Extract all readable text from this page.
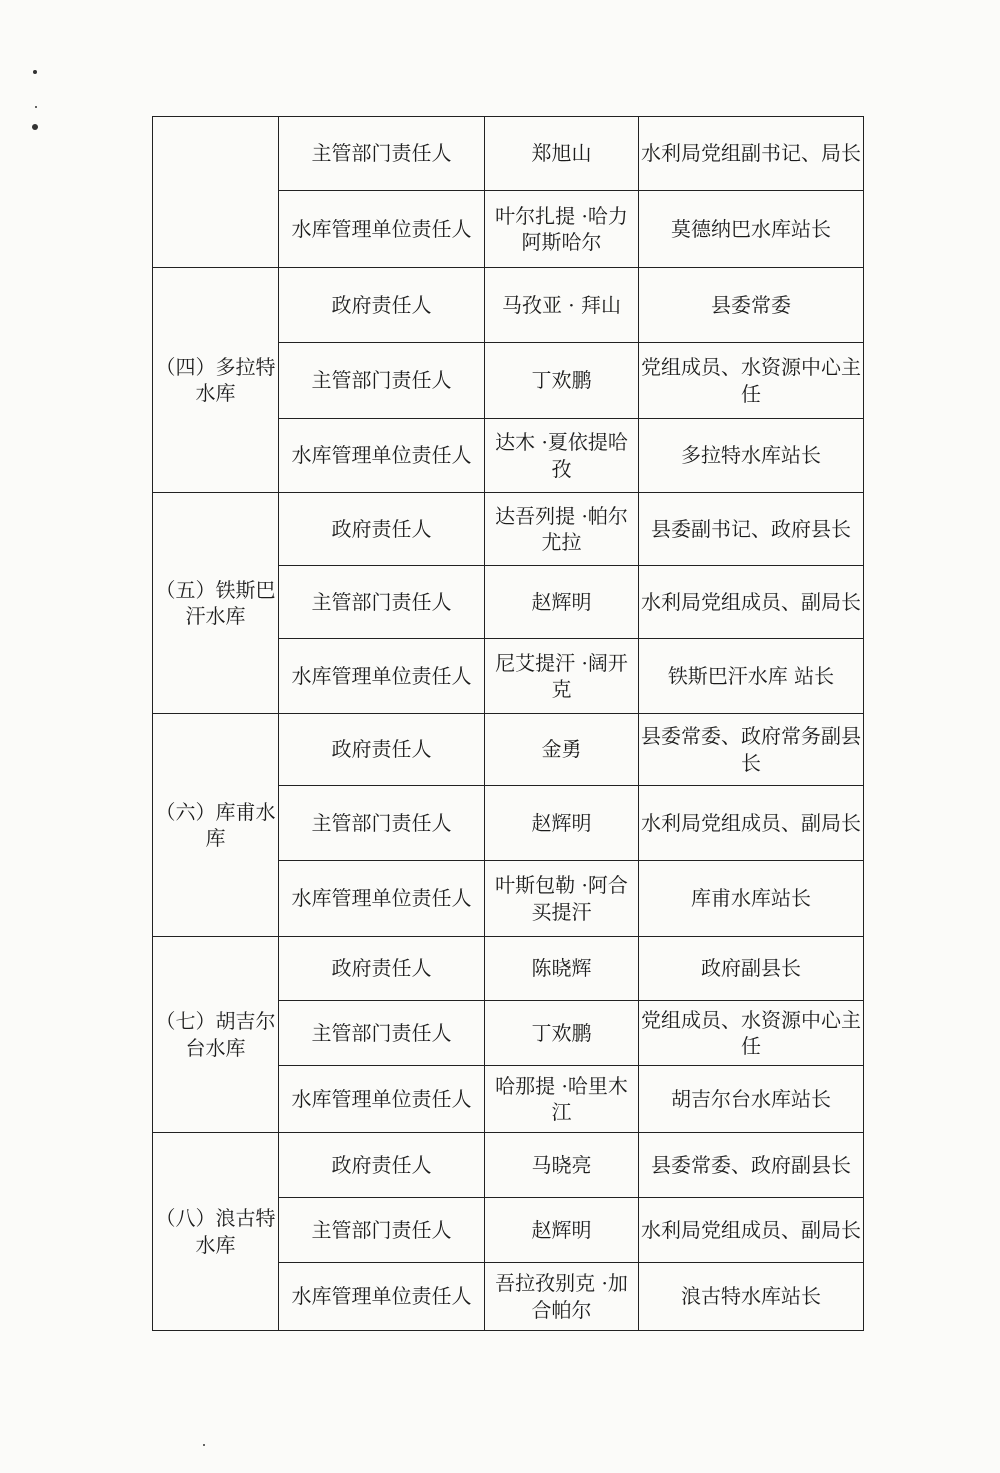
	主管部门责任人	郑旭山	水利局党组副书记、局长
	水库管理单位责任人	叶尔扎提 ·哈力阿斯哈尔	莫德纳巴水库站长
（四）多拉特水库	政府责任人	马孜亚 · 拜山	县委常委
	主管部门责任人	丁欢鹏	党组成员、水资源中心主任
	水库管理单位责任人	达木 ·夏依提哈孜	多拉特水库站长
（五）铁斯巴汗水库	政府责任人	达吾列提 ·帕尔尤拉	县委副书记、政府县长
	主管部门责任人	赵辉明	水利局党组成员、副局长
	水库管理单位责任人	尼艾提汗 ·阔开克	铁斯巴汗水库 站长
（六）库甫水库	政府责任人	金勇	县委常委、政府常务副县长
	主管部门责任人	赵辉明	水利局党组成员、副局长
	水库管理单位责任人	叶斯包勒 ·阿合买提汗	库甫水库站长
（七）胡吉尔台水库	政府责任人	陈晓辉	政府副县长
	主管部门责任人	丁欢鹏	党组成员、水资源中心主任
	水库管理单位责任人	哈那提 ·哈里木江	胡吉尔台水库站长
（八）浪古特水库	政府责任人	马晓亮	县委常委、政府副县长
	主管部门责任人	赵辉明	水利局党组成员、副局长
	水库管理单位责任人	吾拉孜别克 ·加合帕尔	浪古特水库站长
